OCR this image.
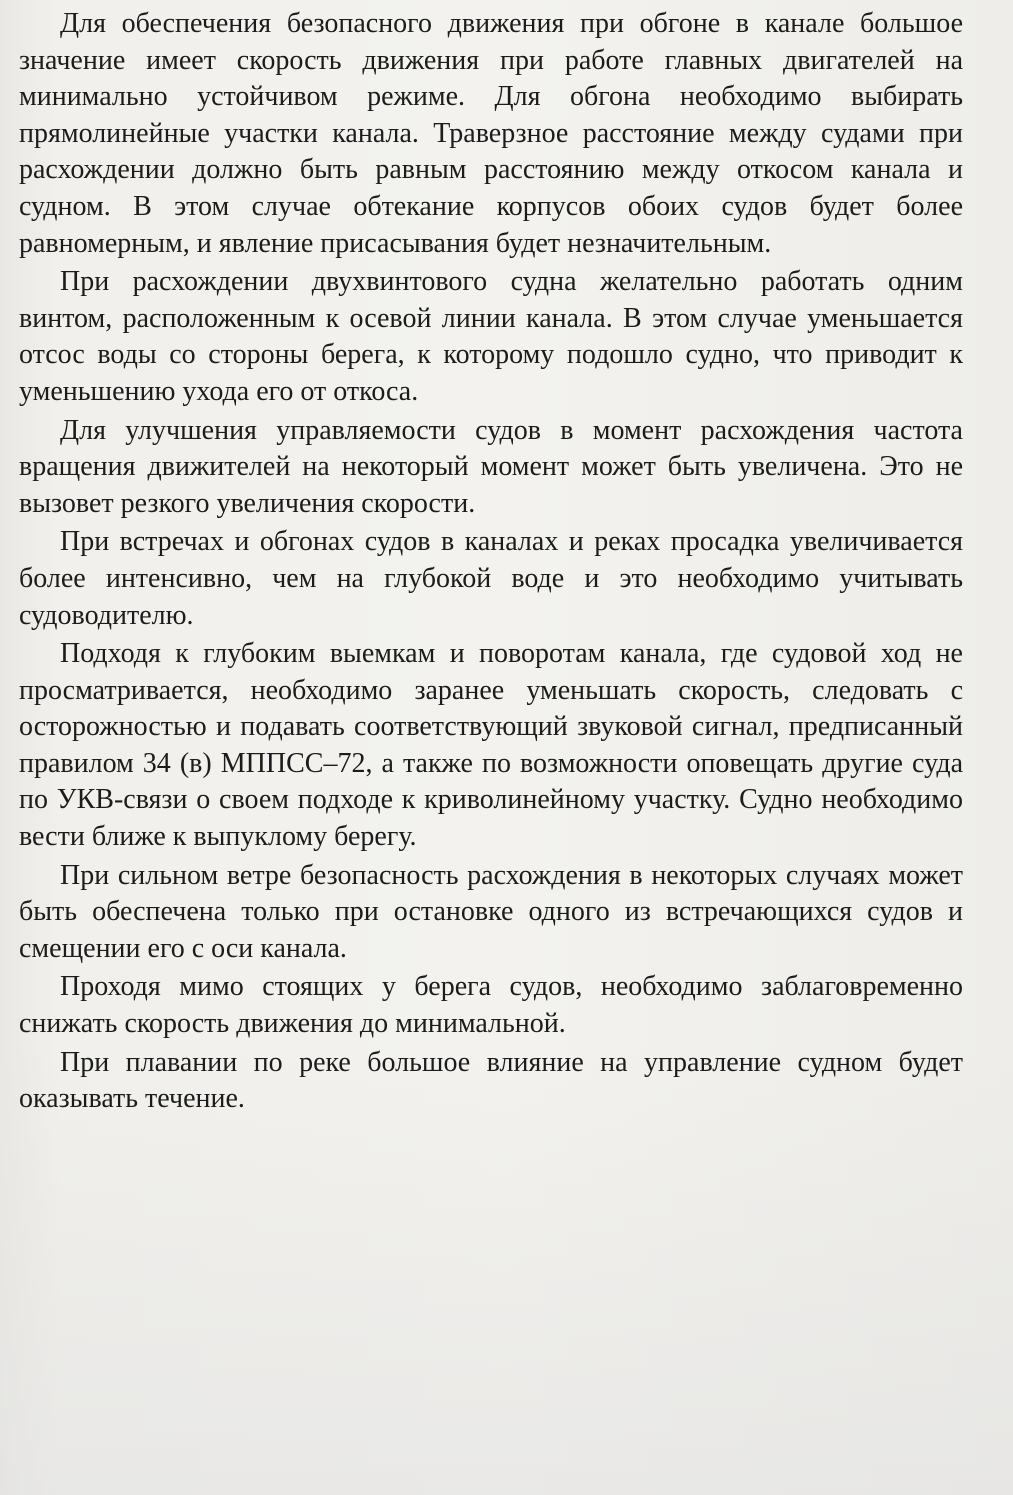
Для обеспечения безопасного движения при обгоне в канале большое значение имеет скорость движения при работе главных двигателей на минимально устойчивом режиме. Для обгона необходимо выбирать прямолинейные участки канала. Траверзное расстояние между судами при расхождении должно быть равным расстоянию между откосом канала и судном. В этом случае обтекание корпусов обоих судов будет более равномерным, и явление присасывания будет незначительным.

При расхождении двухвинтового судна желательно работать одним винтом, расположенным к осевой линии канала. В этом случае уменьшается отсос воды со стороны берега, к которому подошло судно, что приводит к уменьшению ухода его от откоса.

Для улучшения управляемости судов в момент расхождения частота вращения движителей на некоторый момент может быть увеличена. Это не вызовет резкого увеличения скорости.

При встречах и обгонах судов в каналах и реках просадка увеличивается более интенсивно, чем на глубокой воде и это необходимо учитывать судоводителю.

Подходя к глубоким выемкам и поворотам канала, где судовой ход не просматривается, необходимо заранее уменьшать скорость, следовать с осторожностью и подавать соответствующий звуковой сигнал, предписанный правилом 34 (в) МППСС–72, а также по возможности оповещать другие суда по УКВ-связи о своем подходе к криволинейному участку. Судно необходимо вести ближе к выпуклому берегу.

При сильном ветре безопасность расхождения в некоторых случаях может быть обеспечена только при остановке одного из встречающихся судов и смещении его с оси канала.

Проходя мимо стоящих у берега судов, необходимо заблаговременно снижать скорость движения до минимальной.

При плавании по реке большое влияние на управление судном будет оказывать течение.
